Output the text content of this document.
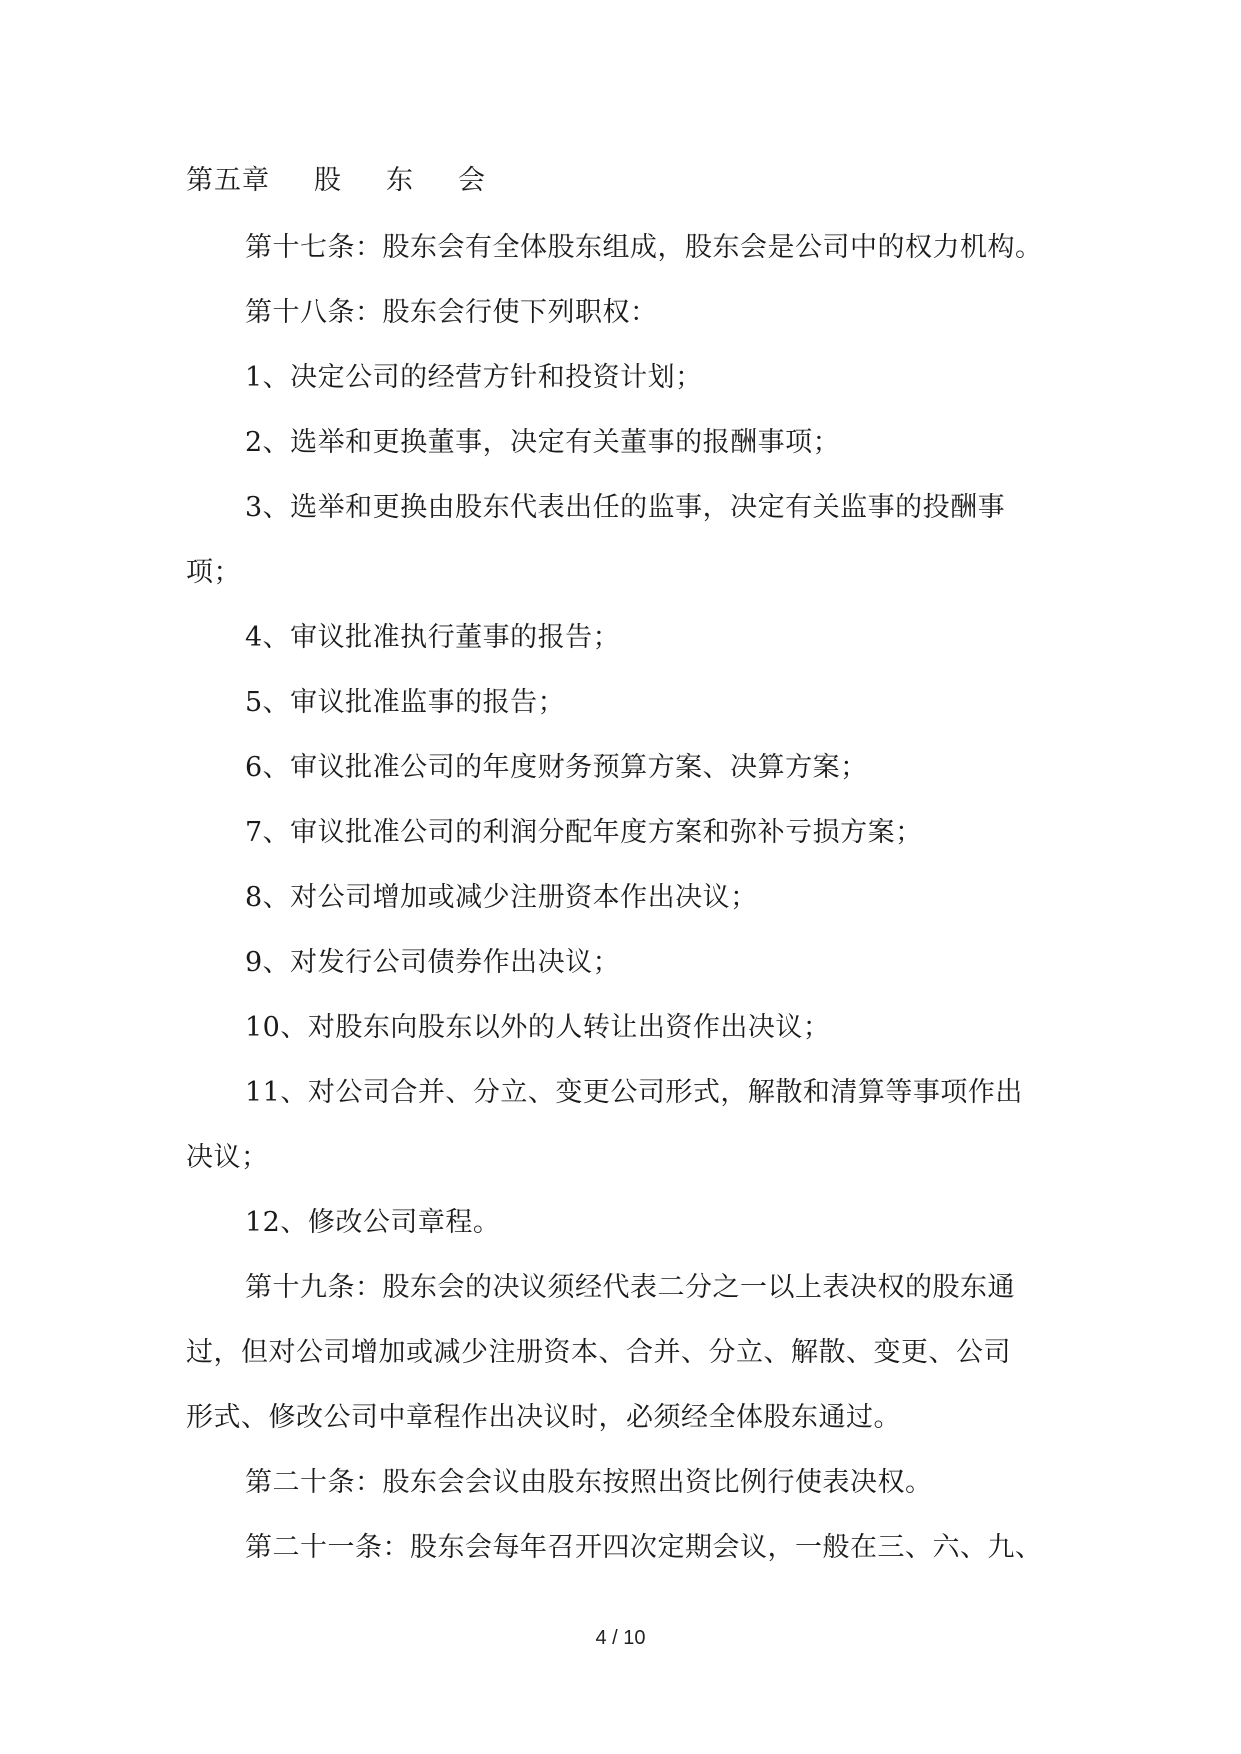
第五章 股 东 会
第十七条：股东会有全体股东组成，股东会是公司中的权力机构。
第十八条：股东会行使下列职权：
1、决定公司的经营方针和投资计划；
2、选举和更换董事，决定有关董事的报酬事项；
3、选举和更换由股东代表出任的监事，决定有关监事的投酬事
项；
4、审议批准执行董事的报告；
5、审议批准监事的报告；
6、审议批准公司的年度财务预算方案、决算方案；
7、审议批准公司的利润分配年度方案和弥补亏损方案；
8、对公司增加或减少注册资本作出决议；
9、对发行公司债券作出决议；
10、对股东向股东以外的人转让出资作出决议；
11、对公司合并、分立、变更公司形式，解散和清算等事项作出
决议；
12、修改公司章程。
第十九条：股东会的决议须经代表二分之一以上表决权的股东通
过，但对公司增加或减少注册资本、合并、分立、解散、变更、公司
形式、修改公司中章程作出决议时，必须经全体股东通过。
第二十条：股东会会议由股东按照出资比例行使表决权。
第二十一条：股东会每年召开四次定期会议，一般在三、六、九、
4 / 10
